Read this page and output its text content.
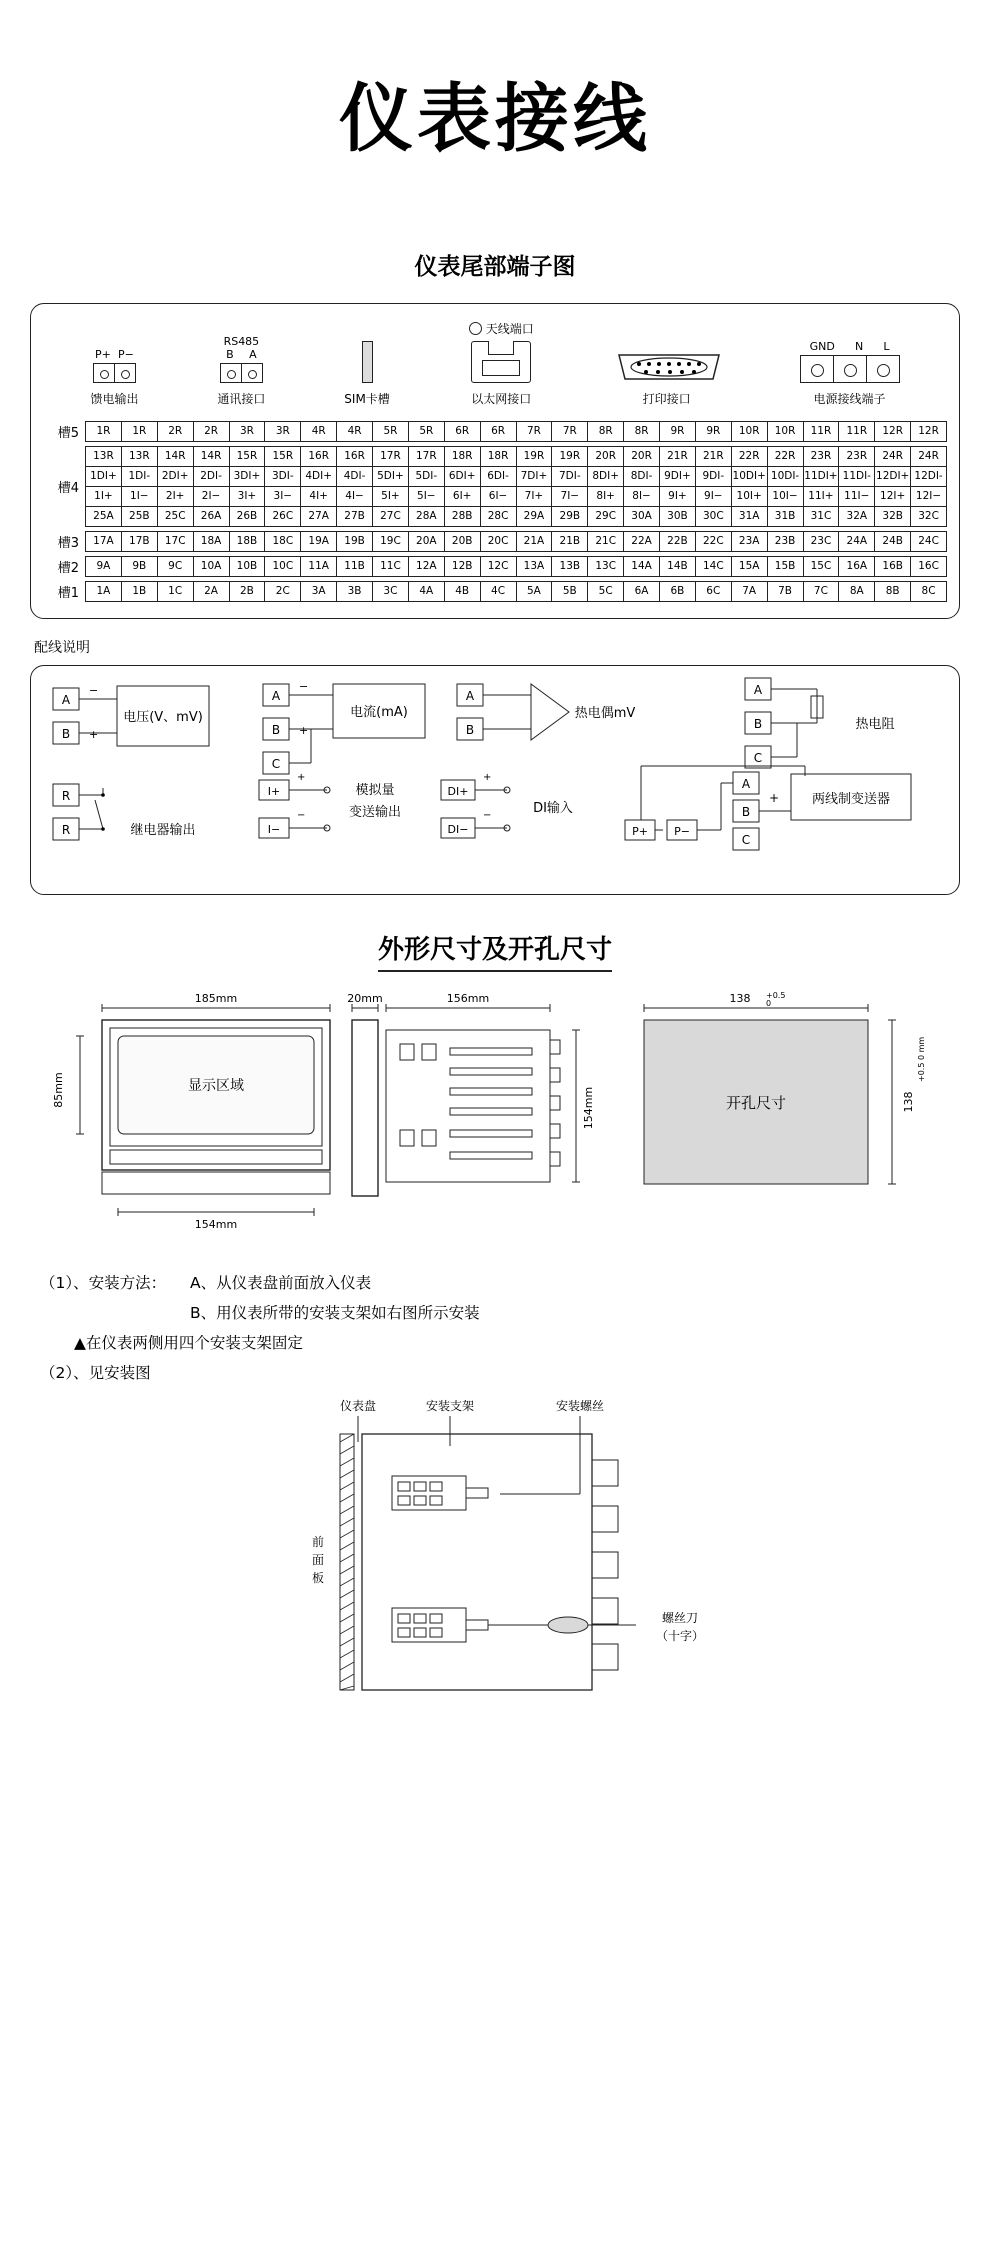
仪表接线
仪表尾部端子图
P+ P−
馈电输出
RS485
B A
通讯接口	SIM卡槽
天线端口
以太网接口	打印接口
GND N L
电源接线端子
槽5	1R	1R	2R	2R	3R	3R	4R	4R	5R	5R	6R	6R	7R	7R	8R	8R	9R	9R	10R	10R	11R	11R	12R	12R
槽4
13R	13R	14R	14R	15R	15R	16R	16R	17R	17R	18R	18R	19R	19R	20R	20R	21R	21R	22R	22R	23R	23R	24R	24R
1DI+	1DI-	2DI+	2DI-	3DI+	3DI-	4DI+	4DI-	5DI+	5DI-	6DI+	6DI-	7DI+	7DI-	8DI+	8DI-	9DI+	9DI- 10DI+ 10DI- 11DI+ 11DI- 12DI+ 12DI-
1I+	1I−	2I+	2I−	3I+	3I−	4I+	4I−	5I+	5I−	6I+	6I−	7I+	7I−	8I+	8I−	9I+	9I−	10I+	10I−	11I+	11I−	12I+	12I−
25A	25B	25C	26A	26B	26C	27A	27B	27C	28A	28B	28C	29A	29B	29C	30A	30B	30C	31A	31B	31C	32A	32B	32C
槽3	17A	17B	17C	18A	18B	18C	19A	19B	19C	20A	20B	20C	21A	21B	21C	22A	22B	22C	23A	23B	23C	24A	24B	24C
槽2	9A	9B	9C	10A	10B	10C	11A	11B	11C	12A	12B	12C	13A	13B	13C	14A	14B	14C	15A	15B	15C	16A	16B	16C
槽1	1A	1B	1C	2A	2B	2C	3A	3B	3C	4A	4B	4C	5A	5B	5C	6A	6B	6C	7A	7B	7C	8A	8B	8C
配线说明
A
B
−
+
电压(V、mV)
A
B
C
−
+
电流(mA)
A
B
热电偶mV
A
B
C
热电阻
R
R	继电器输出
I+
I−
+
−
模拟量
变送输出
DI+
DI−
+
−	DI输入
A
B
C
P+ P−
+	两线制变送器
外形尺寸及开孔尺寸
185mm
显示区域
85mm
154mm
20mm	156mm
154mm
138 +0.5
0
开孔尺寸	138
+0.5 0 mm
（1）、安装方法：	A、从仪表盘前面放入仪表
B、用仪表所带的安装支架如右图所示安装
▲在仪表两侧用四个安装支架固定
（2）、见安装图
仪表盘	安装支架	安装螺丝
前
面
板
螺丝刀
（十字）
